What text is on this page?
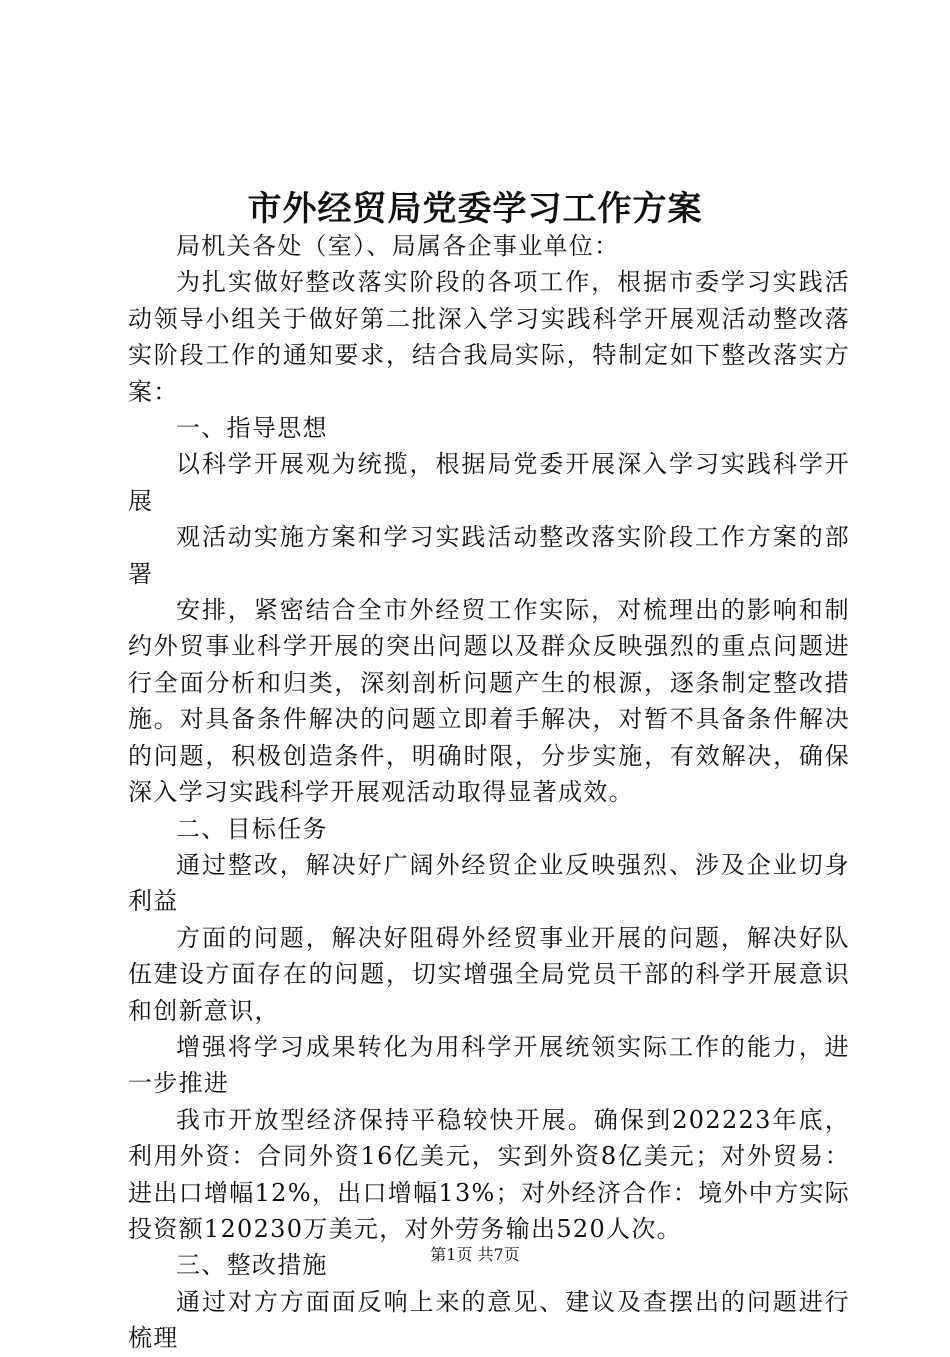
市外经贸局党委学习工作方案

局机关各处（室）、局属各企事业单位：

为扎实做好整改落实阶段的各项工作，根据市委学习实践活动领导小组关于做好第二批深入学习实践科学开展观活动整改落实阶段工作的通知要求，结合我局实际，特制定如下整改落实方案：

一、指导思想

以科学开展观为统揽，根据局党委开展深入学习实践科学开展

观活动实施方案和学习实践活动整改落实阶段工作方案的部署

安排，紧密结合全市外经贸工作实际，对梳理出的影响和制约外贸事业科学开展的突出问题以及群众反映强烈的重点问题进行全面分析和归类，深刻剖析问题产生的根源，逐条制定整改措施。对具备条件解决的问题立即着手解决，对暂不具备条件解决的问题，积极创造条件，明确时限，分步实施，有效解决，确保深入学习实践科学开展观活动取得显著成效。

二、目标任务

通过整改，解决好广阔外经贸企业反映强烈、涉及企业切身利益

方面的问题，解决好阻碍外经贸事业开展的问题，解决好队伍建设方面存在的问题，切实增强全局党员干部的科学开展意识和创新意识，

增强将学习成果转化为用科学开展统领实际工作的能力，进一步推进

我市开放型经济保持平稳较快开展。确保到202223年底，利用外资：合同外资16亿美元，实到外资8亿美元；对外贸易：进出口增幅12%，出口增幅13%；对外经济合作：境外中方实际投资额120230万美元，对外劳务输出520人次。

三、整改措施

通过对方方面面反响上来的意见、建议及查摆出的问题进行梳理

第1页 共7页
